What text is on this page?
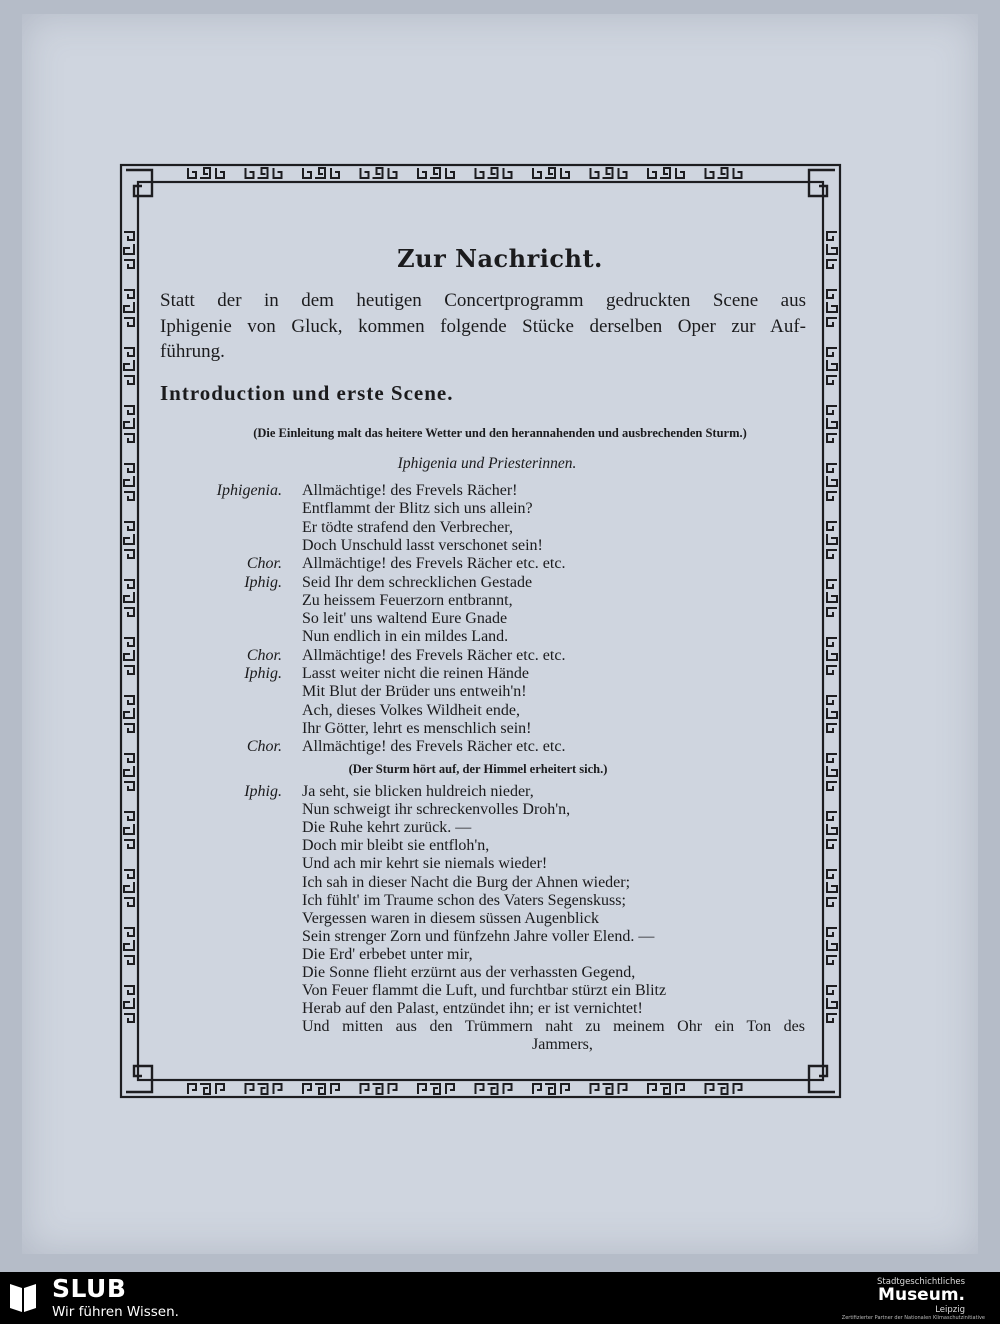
Zur Nachricht.
Statt der in dem heutigen Concertprogramm gedruckten Scene aus
Iphigenie von Gluck, kommen folgende Stücke derselben Oper zur Auf-
führung.
Introduction und erste Scene.
(Die Einleitung malt das heitere Wetter und den herannahenden und ausbrechenden Sturm.)
Iphigenia und Priesterinnen.
Iphigenia. Allmächtige! des Frevels Rächer!
Entflammt der Blitz sich uns allein?
Er tödte strafend den Verbrecher,
Doch Unschuld lasst verschonet sein!
Chor. Allmächtige! des Frevels Rächer etc. etc.
Iphig. Seid Ihr dem schrecklichen Gestade
Zu heissem Feuerzorn entbrannt,
So leit' uns waltend Eure Gnade
Nun endlich in ein mildes Land.
Chor. Allmächtige! des Frevels Rächer etc. etc.
Iphig. Lasst weiter nicht die reinen Hände
Mit Blut der Brüder uns entweih'n!
Ach, dieses Volkes Wildheit ende,
Ihr Götter, lehrt es menschlich sein!
Chor. Allmächtige! des Frevels Rächer etc. etc.
(Der Sturm hört auf, der Himmel erheitert sich.)
Iphig. Ja seht, sie blicken huldreich nieder,
Nun schweigt ihr schreckenvolles Droh'n,
Die Ruhe kehrt zurück. —
Doch mir bleibt sie entfloh'n,
Und ach mir kehrt sie niemals wieder!
Ich sah in dieser Nacht die Burg der Ahnen wieder;
Ich fühlt' im Traume schon des Vaters Segenskuss;
Vergessen waren in diesem süssen Augenblick
Sein strenger Zorn und fünfzehn Jahre voller Elend. —
Die Erd' erbebet unter mir,
Die Sonne flieht erzürnt aus der verhassten Gegend,
Von Feuer flammt die Luft, und furchtbar stürzt ein Blitz
Herab auf den Palast, entzündet ihn; er ist vernichtet!
Und mitten aus den Trümmern naht zu meinem Ohr ein Ton des
Jammers,
SLUB
Wir führen Wissen.
Stadtgeschichtliches
Museum.
Leipzig
Zertifizierter Partner der Nationalen Klimaschutzinitiative
